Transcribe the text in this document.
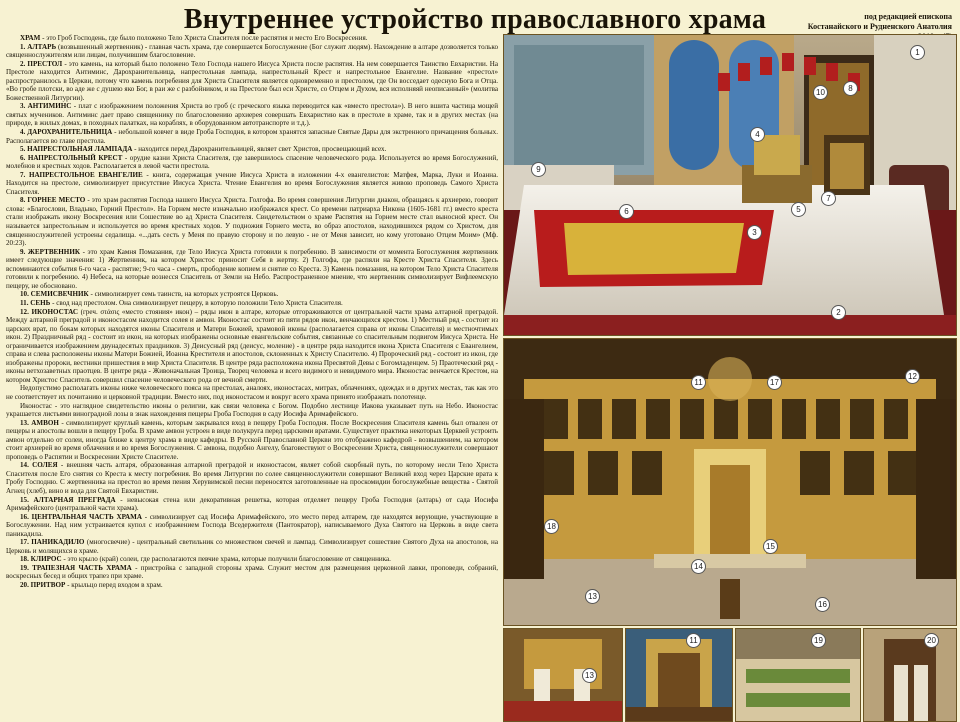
Внутреннее устройство православного храма	под редакцией епископа
Костанайского и Рудненского Анатолия

ХРАМ - это Гроб Господень, где было положено Тело Христа Спасителя после распятия и место Его Воскресения.

1. АЛТАРЬ (возвышенный жертвенник) - главная часть храма, где совершается Богослужение (Бог служит людям). Нахождение в алтаре дозволяется только священнослужителям или лицам, получившим благословение.

2. ПРЕСТОЛ - это камень, на который было положено Тело Господа нашего Иисуса Христа после распятия. На нем совершается Таинство Евхаристии. На Престоле находится Антиминс, Дарохранительница, напрестольная лампада, напрестольный Крест и напрестольное Евангелие. Название «престол» распространилось в Церкви, потому что камень погребения для Христа Спасителя является одновременно и престолом, где Он восседает одесную Бога и Отца. «Во гробе плотски, во аде же с душею яко Бог, в раи же с разбойником, и на Престоле был еси Христе, со Отцем и Духом, вся исполняяй неописанный» (молитва Божественной Литургии).

3. АНТИМИНС - плат с изображением положения Христа во гроб (с греческого языка переводится как «вместо престола»). В него вшита частица мощей святых мучеников. Антиминс дает право священнику по благословению архиерея совершать Евхаристию как в престоле в храме, так и в других местах (на природе, в жилых домах, в походных палатках, на кораблях, в оборудованном автотранспорте и т.д.).

4. ДАРОХРАНИТЕЛЬНИЦА - небольшой ковчег в виде Гроба Господня, в котором хранятся запасные Святые Дары для экстренного причащения больных. Располагается во главе престола.

5. НАПРЕСТОЛЬНАЯ ЛАМПАДА - находится перед Дарохранительницей, являет свет Христов, просвещающий всех.

6. НАПРЕСТОЛЬНЫЙ КРЕСТ - орудие казни Христа Спасителя, где завершилось спасение человеческого рода. Используется во время Богослужений, молебнов и крестных ходов. Располагается в левой части престола.

7. НАПРЕСТОЛЬНОЕ ЕВАНГЕЛИЕ - книга, содержащая учение Иисуса Христа в изложении 4-х евангелистов: Матфея, Марка, Луки и Иоанна. Находится на престоле, символизирует присутствие Иисуса Христа. Чтение Евангелия во время Богослужения является живою проповедь Самого Христа Спасителя.

8. ГОРНЕЕ МЕСТО - это храм распятия Господа нашего Иисуса Христа. Голгофа. Во время совершения Литургии диакон, обращаясь к архиерею, говорит слова: «Благослови, Владыко, Горний Престол». На Горнем месте изначально изображался крест. Со времени патриарха Никона (1605-1681 гг.) вместо креста стали изображать икону Воскресения или Сошествие во ад Христа Спасителя. Свидетельством о храме Распятия на Горнем месте стал выносной крест. Он называется запрестольным и используется во время крестных ходов. У подножия Горнего места, во образ апостолов, находившихся рядом со Христом, для священнослужителей устроены седалища. «...дать сесть у Меня по правую сторону и по левую - не от Меня зависит, но кому уготовано Отцем Моим» (Мф. 20:23).

9. ЖЕРТВЕННИК - это храм Камня Помазания, где Тело Иисуса Христа готовили к погребению. В зависимости от момента Богослужения жертвенник имеет следующие значения: 1) Жертвенник, на котором Христос приносит Себя в жертву. 2) Голгофа, где распяли на Кресте Христа Спасителя. Здесь вспоминаются события 6-го часа - распятие; 9-го часа - смерть, прободение копием и снятие со Креста. 3) Камень помазания, на котором Тело Христа Спасителя готовили к погребению. 4) Небеса, на которые вознесся Спаситель от Земли на Небо. Распространенное мнение, что жертвенник символизирует Вифлеемскую пещеру, не обосновано.

10. СЕМИСВЕЧНИК - символизирует семь таинств, на которых устроятся Церковь.

11. СЕНЬ - свод над престолом. Она символизирует пещеру, в которую положили Тело Христа Спасителя.

12. ИКОНОСТАС (греч. στάσις «место стояния» икон) – ряды икон в алтаре, которые отгораживаются от центральной части храма алтарной преградой. Между алтарной преградой и иконостасом находится солея и амвон. Иконостас состоит из пяти рядов икон, венчающихся крестом. 1) Местный ряд - состоит из царских врат, по бокам которых находятся иконы Спасителя и Матери Божией, храмовой иконы (располагается справа от иконы Спасителя) и местночтимых икон. 2) Праздничный ряд - состоит из икон, на которых изображены основные евангельские события, связанные со спасительным подвигом Иисуса Христа. Не ограничивается изображением двунадесятых праздников. 3) Деисусный ряд (деисус, моление) - в центре ряда находится икона Христа Спасителя с Евангелием, справа и слева расположены иконы Матери Божией, Иоанна Крестителя и апостолов, склоненных к Христу Спасителю. 4) Пророческий ряд - состоит из икон, где изображены пророки, вестники пришествия в мир Христа Спасителя. В центре ряда расположена икона Пресвятой Девы с Богомладенцем. 5) Праотеческий ряд - иконы ветхозаветных праотцев. В центре ряда - Живоначальная Троица, Творец человека и всего видимого и невидимого мира. Иконостас венчается Крестом, на котором Христос Спаситель совершил спасение человеческого рода от вечной смерти.

Недопустимо располагать иконы ниже человеческого пояса на престолах, аналоях, иконостасах, митрах, облачениях, одеждах и в других местах, так как это не соответствует их почитанию и церковной традиции. Вместо них, под иконостасом и вокруг всего храма принято изображать полотенце.

Иконостас - это наглядное свидетельство иконы о религии, как связи человека с Богом. Подобно лестнице Иакова указывает путь на Небо. Иконостас украшается листьями виноградной лозы в знак нахождения пещеры Гроба Господня в саду Иосифа Аримафейского.

13. АМВОН - символизирует круглый камень, которым закрывался вход в пещеру Гроба Господня. После Воскресения Спасителя камень был отвален от пещеры и апостолы вошли в пещеру Гроба. В храме амвон устроен в виде полукруга перед царскими вратами. Существует практика некоторых Церквей устроить амвон отдельно от солеи, иногда ближе к центру храма в виде кафедры. В Русской Православной Церкви это отображено кафедрой - возвышением, на котором стоит архиерей во время облачения и во время Богослужения. С амвона, подобно Ангелу, благовествуют о Воскресении Христа, священнослужители совершают проповедь о Распятии и Воскресении Христе Спасителе.

14. СОЛЕЯ - внешняя часть алтаря, образованная алтарной преградой и иконостасом, являет собой скорбный путь, по которому несли Тело Христа Спасителя после Его снятия со Креста к месту погребения. Во время Литургии по солее священнослужители совершают Великий вход через Царские врата к Гробу Господню. С жертвенника на престол во время пения Херувимской песни переносятся заготовленные на проскомидии богослужебные вещества - Святой Агнец (хлеб), вино и вода для Святой Евхаристии.

15. АЛТАРНАЯ ПРЕГРАДА - невысокая стена или декоративная решетка, которая отделяет пещеру Гроба Господня (алтарь) от сада Иосифа Аримафейского (центральной части храма).

16. ЦЕНТРАЛЬНАЯ ЧАСТЬ ХРАМА - символизирует сад Иосифа Аримафейского, это место перед алтарем, где находятся верующие, участвующие в Богослужении. Над ним устраивается купол с изображением Господа Вседержителя (Пантократор), написываемого Духа Святого на Церковь в виде света паникадила.

17. ПАНИКАДИЛО (многосвечие) - центральный светильник со множеством свечей и лампад. Символизирует сошествие Святого Духа на апостолов, на Церковь и молящихся в храме.

18. КЛИРОС - это крыло (край) солеи, где располагаются певчие храма, которые получили благословение от священника.

19. ТРАПЕЗНАЯ ЧАСТЬ ХРАМА - пристройка с западной стороны храма. Служит местом для размещения церковной лавки, проповеди, собраний, воскресных бесед и общих трапез при храме.

20. ПРИТВОР - крыльцо перед входом в храм.

1
2
3
4
5
6
7
8
9
10
11
12
13
14
15
16
17
18
13
11	19	20
